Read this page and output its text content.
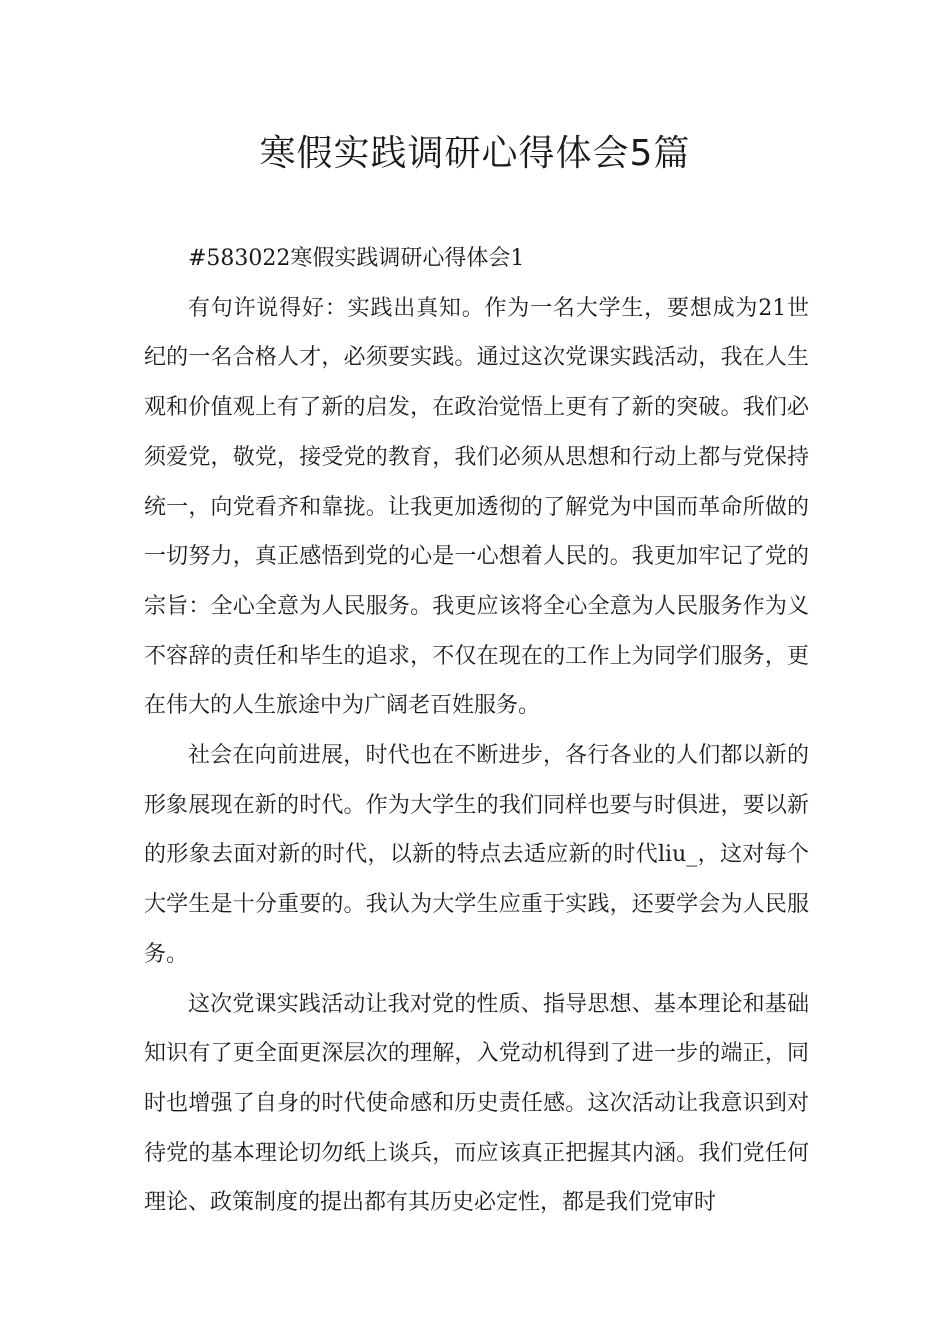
寒假实践调研心得体会5篇

#583022寒假实践调研心得体会1

有句许说得好：实践出真知。作为一名大学生，要想成为21世纪的一名合格人才，必须要实践。通过这次党课实践活动，我在人生观和价值观上有了新的启发，在政治觉悟上更有了新的突破。我们必须爱党，敬党，接受党的教育，我们必须从思想和行动上都与党保持统一，向党看齐和靠拢。让我更加透彻的了解党为中国而革命所做的一切努力，真正感悟到党的心是一心想着人民的。我更加牢记了党的宗旨：全心全意为人民服务。我更应该将全心全意为人民服务作为义不容辞的责任和毕生的追求，不仅在现在的工作上为同学们服务，更在伟大的人生旅途中为广阔老百姓服务。

社会在向前进展，时代也在不断进步，各行各业的人们都以新的形象展现在新的时代。作为大学生的我们同样也要与时俱进，要以新的形象去面对新的时代，以新的特点去适应新的时代liu_，这对每个大学生是十分重要的。我认为大学生应重于实践，还要学会为人民服务。

这次党课实践活动让我对党的性质、指导思想、基本理论和基础知识有了更全面更深层次的理解，入党动机得到了进一步的端正，同时也增强了自身的时代使命感和历史责任感。这次活动让我意识到对待党的基本理论切勿纸上谈兵，而应该真正把握其内涵。我们党任何理论、政策制度的提出都有其历史必定性，都是我们党审时
